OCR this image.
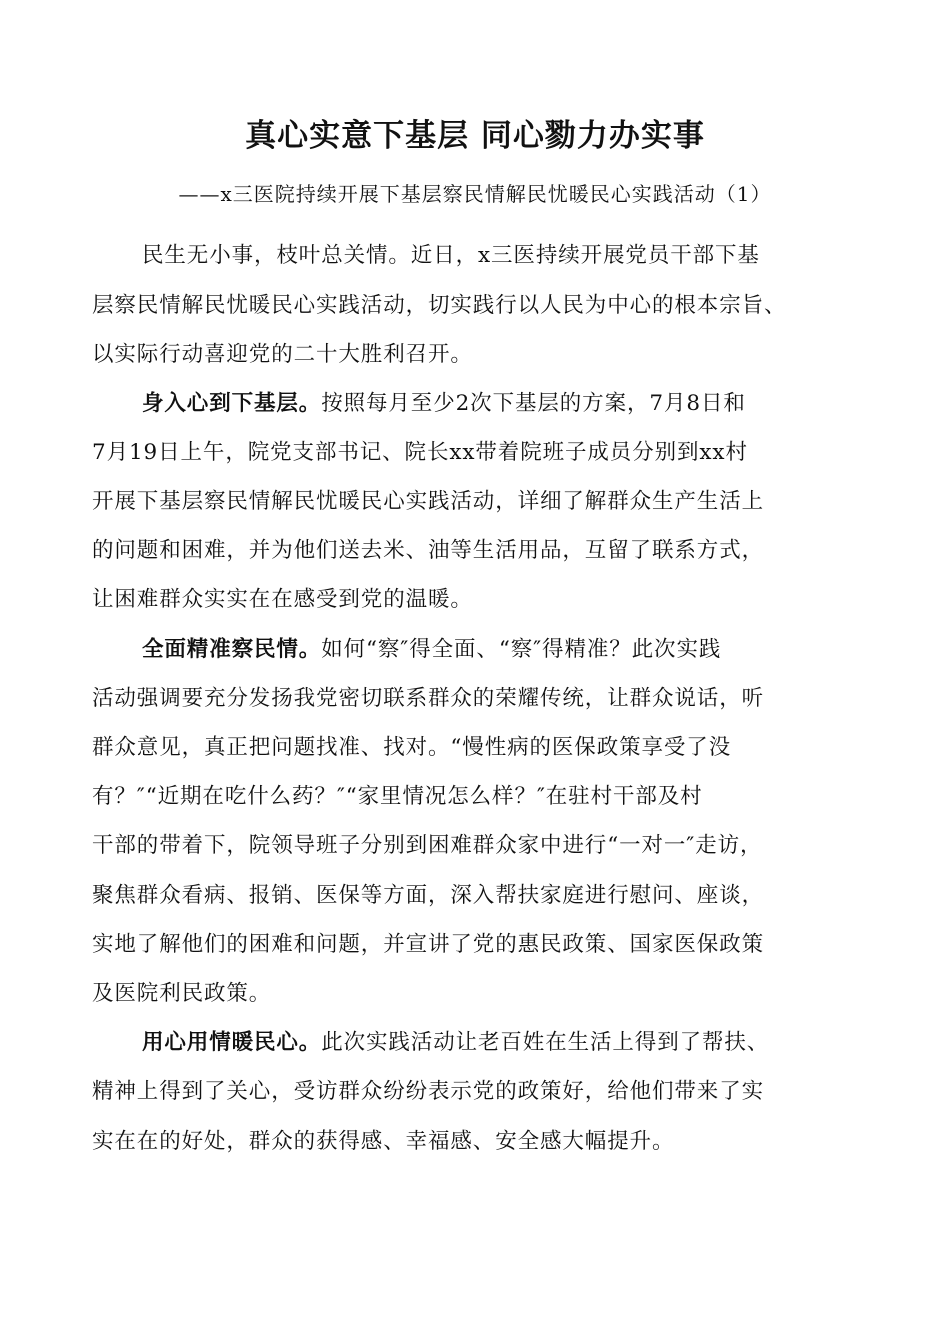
真心实意下基层 同心勠力办实事
——x三医院持续开展下基层察民情解民忧暖民心实践活动（1）
民生无小事，枝叶总关情。近日，x三医持续开展党员干部下基
层察民情解民忧暖民心实践活动，切实践行以人民为中心的根本宗旨、
以实际行动喜迎党的二十大胜利召开。
身入心到下基层。按照每月至少2次下基层的方案，7月8日和
7月19日上午，院党支部书记、院长xx带着院班子成员分别到xx村
开展下基层察民情解民忧暖民心实践活动，详细了解群众生产生活上
的问题和困难，并为他们送去米、油等生活用品，互留了联系方式，
让困难群众实实在在感受到党的温暖。
全面精准察民情。如何“察″得全面、“察″得精准？此次实践
活动强调要充分发扬我党密切联系群众的荣耀传统，让群众说话，听
群众意见，真正把问题找准、找对。“慢性病的医保政策享受了没
有？″“近期在吃什么药？″“家里情况怎么样？″在驻村干部及村
干部的带着下，院领导班子分别到困难群众家中进行“一对一″走访，
聚焦群众看病、报销、医保等方面，深入帮扶家庭进行慰问、座谈，
实地了解他们的困难和问题，并宣讲了党的惠民政策、国家医保政策
及医院利民政策。
用心用情暖民心。此次实践活动让老百姓在生活上得到了帮扶、
精神上得到了关心，受访群众纷纷表示党的政策好，给他们带来了实
实在在的好处，群众的获得感、幸福感、安全感大幅提升。
